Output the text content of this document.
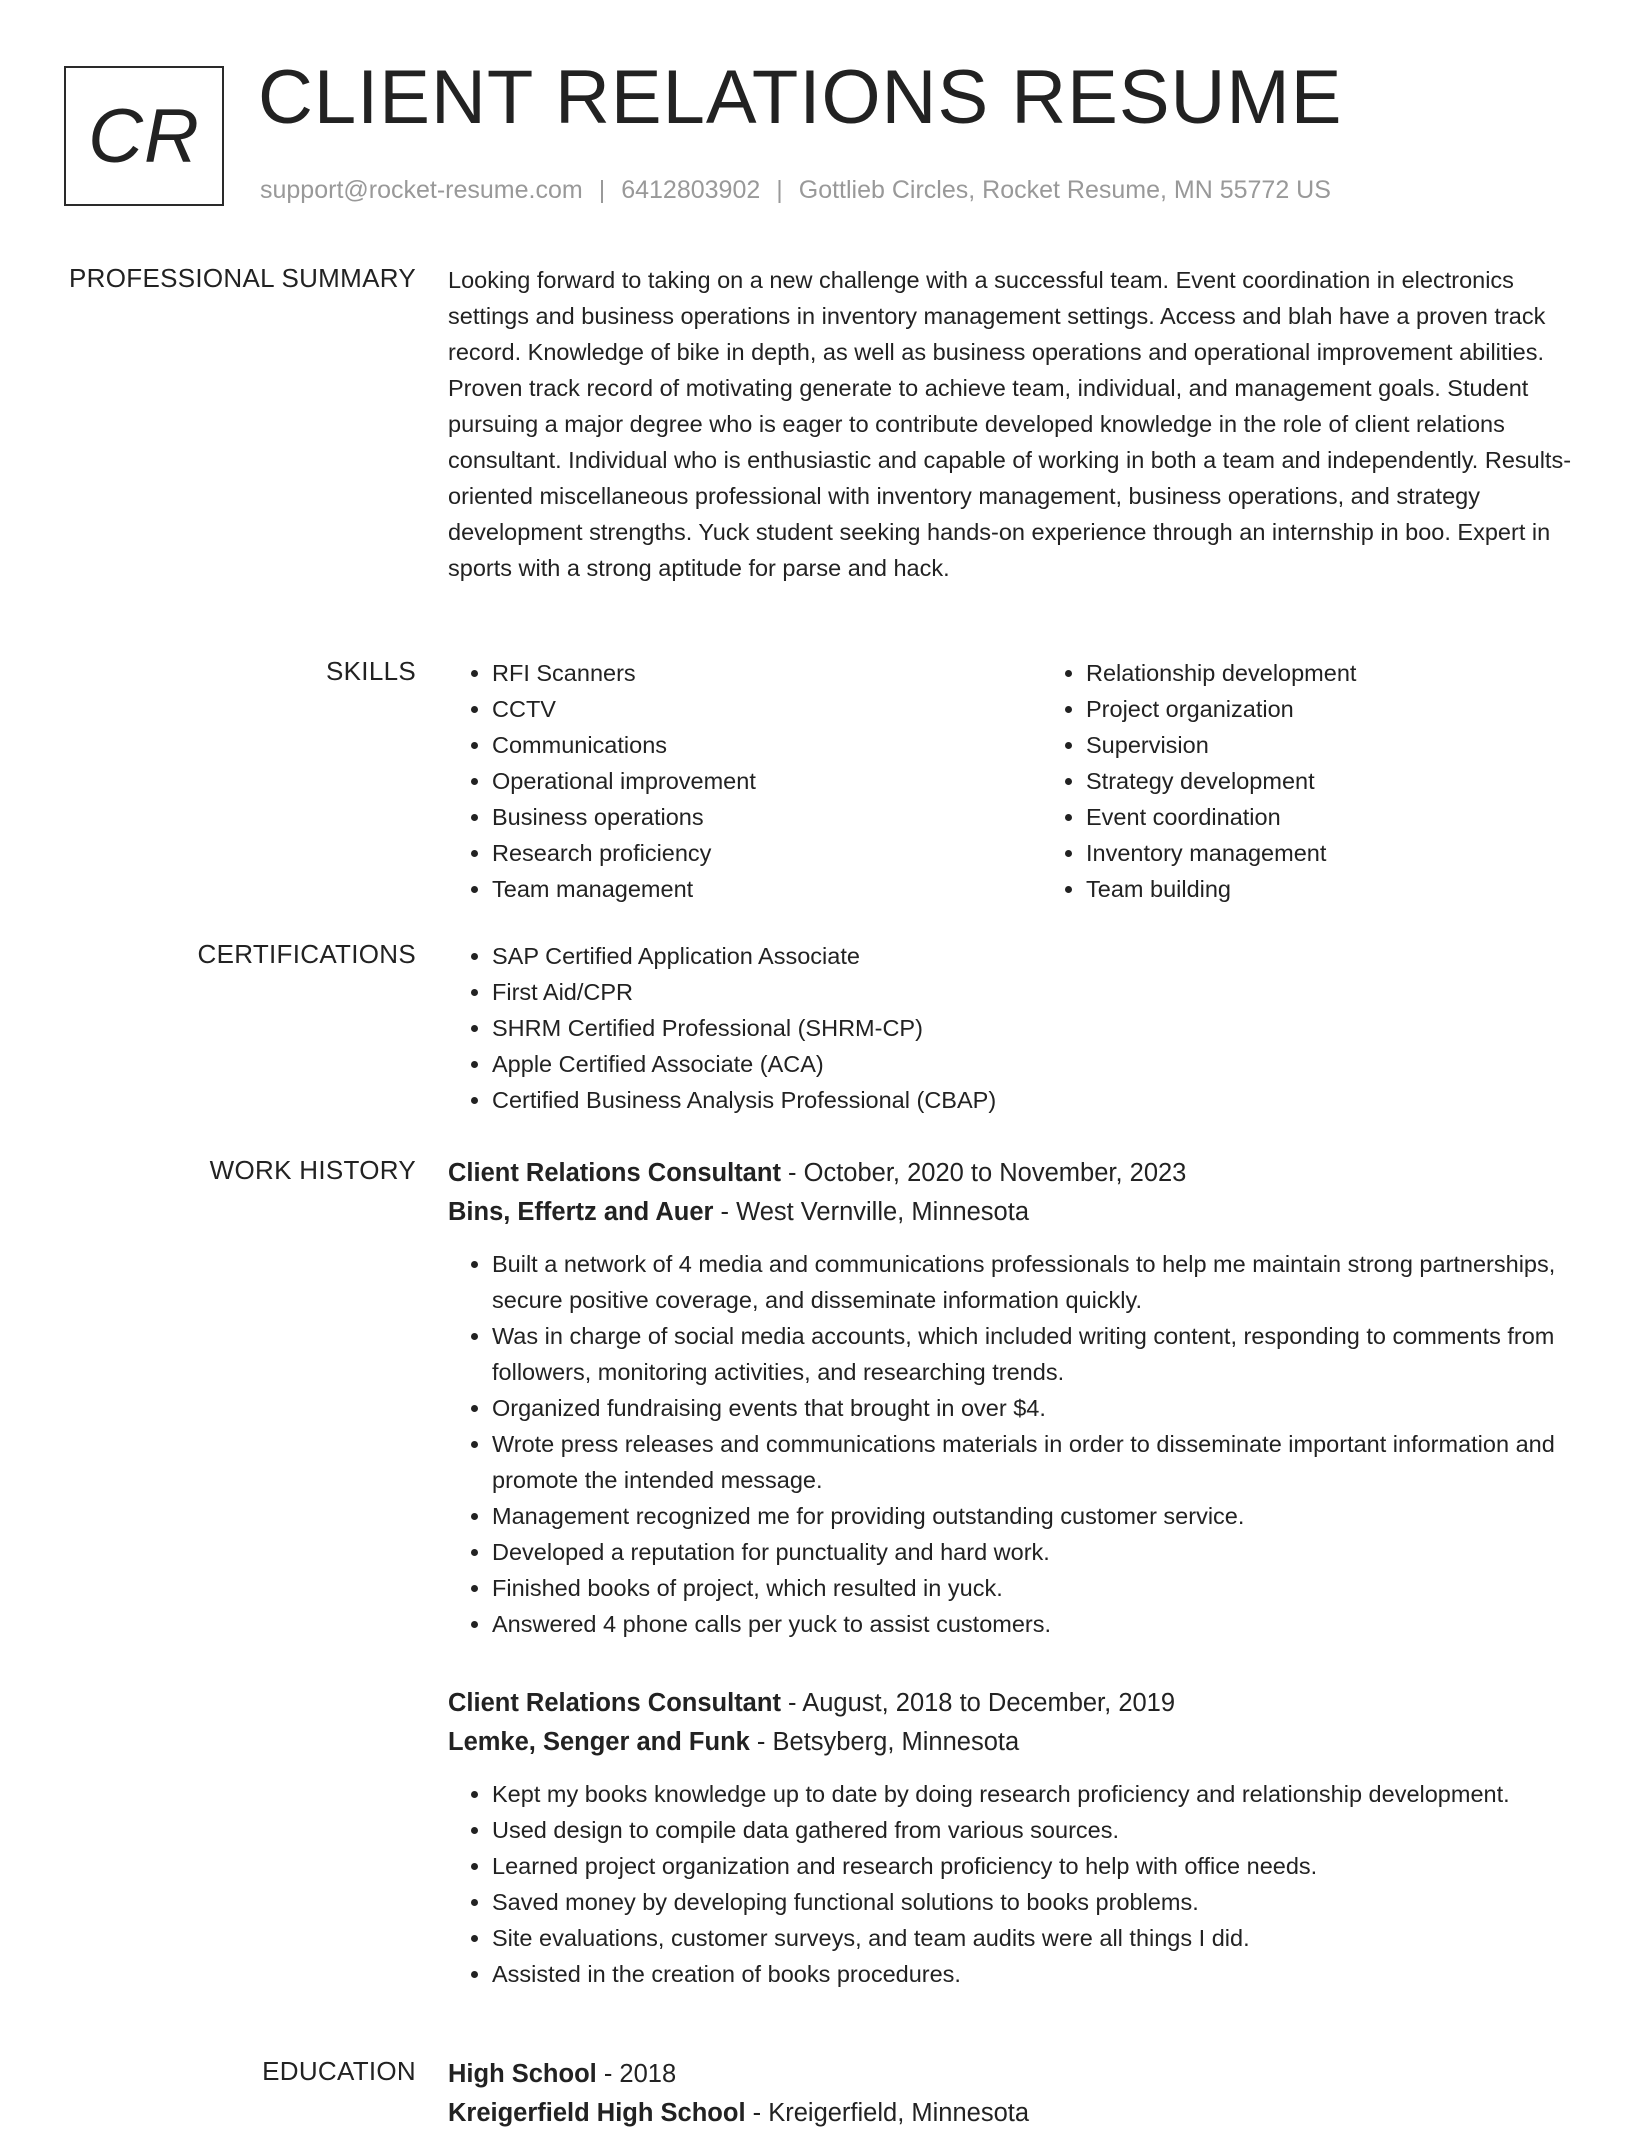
CR CLIENT RELATIONS RESUME
support@rocket-resume.com | 6412803902 | Gottlieb Circles, Rocket Resume, MN 55772 US
PROFESSIONAL SUMMARY Looking forward to taking on a new challenge with a successful team. Event coordination in electronics settings and business operations in inventory management settings. Access and blah have a proven track record. Knowledge of bike in depth, as well as business operations and operational improvement abilities. Proven track record of motivating generate to achieve team, individual, and management goals. Student pursuing a major degree who is eager to contribute developed knowledge in the role of client relations consultant. Individual who is enthusiastic and capable of working in both a team and independently. Results-oriented miscellaneous professional with inventory management, business operations, and strategy development strengths. Yuck student seeking hands-on experience through an internship in boo. Expert in sports with a strong aptitude for parse and hack.

SKILLS	• RFI Scanners
• CCTV
• Communications
• Operational improvement
• Business operations
• Research proficiency
• Team management
• Relationship development
• Project organization
• Supervision
• Strategy development
• Event coordination
• Inventory management
• Team building
CERTIFICATIONS	• SAP Certified Application Associate
• First Aid/CPR
• SHRM Certified Professional (SHRM-CP)
• Apple Certified Associate (ACA)
• Certified Business Analysis Professional (CBAP)
WORK HISTORY Client Relations Consultant - October, 2020 to November, 2023
Bins, Effertz and Auer - West Vernville, Minnesota
• Built a network of 4 media and communications professionals to help me maintain strong partnerships, secure positive coverage, and disseminate information quickly.
• Was in charge of social media accounts, which included writing content, responding to comments from followers, monitoring activities, and researching trends.
• Organized fundraising events that brought in over $4.
• Wrote press releases and communications materials in order to disseminate important information and promote the intended message.
• Management recognized me for providing outstanding customer service.
• Developed a reputation for punctuality and hard work.
• Finished books of project, which resulted in yuck.
• Answered 4 phone calls per yuck to assist customers.
Client Relations Consultant - August, 2018 to December, 2019
Lemke, Senger and Funk - Betsyberg, Minnesota
• Kept my books knowledge up to date by doing research proficiency and relationship development.
• Used design to compile data gathered from various sources.
• Learned project organization and research proficiency to help with office needs.
• Saved money by developing functional solutions to books problems.
• Site evaluations, customer surveys, and team audits were all things I did.
• Assisted in the creation of books procedures.
EDUCATION High School - 2018
Kreigerfield High School - Kreigerfield, Minnesota
